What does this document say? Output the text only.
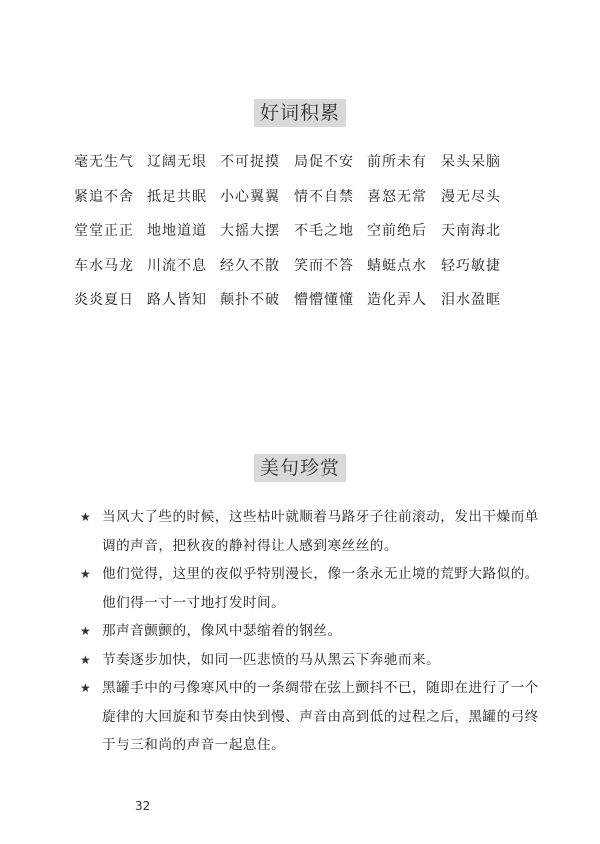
好词积累
毫无生气 辽阔无垠 不可捉摸 局促不安 前所未有 呆头呆脑
紧追不舍 抵足共眠 小心翼翼 情不自禁 喜怒无常 漫无尽头
堂堂正正 地地道道 大摇大摆 不毛之地 空前绝后 天南海北
车水马龙 川流不息 经久不散 笑而不答 蜻蜓点水 轻巧敏捷
炎炎夏日 路人皆知 颠扑不破 懵懵懂懂 造化弄人 泪水盈眶
美句珍赏
★ 当风大了些的时候，这些枯叶就顺着马路牙子往前滚动，发出干燥而单调的声音，把秋夜的静衬得让人感到寒丝丝的。
★ 他们觉得，这里的夜似乎特别漫长，像一条永无止境的荒野大路似的。他们得一寸一寸地打发时间。
★ 那声音颤颤的，像风中瑟缩着的钢丝。
★ 节奏逐步加快，如同一匹悲愤的马从黑云下奔驰而来。
★ 黑罐手中的弓像寒风中的一条绸带在弦上颤抖不已，随即在进行了一个旋律的大回旋和节奏由快到慢、声音由高到低的过程之后，黑罐的弓终于与三和尚的声音一起息住。
32
